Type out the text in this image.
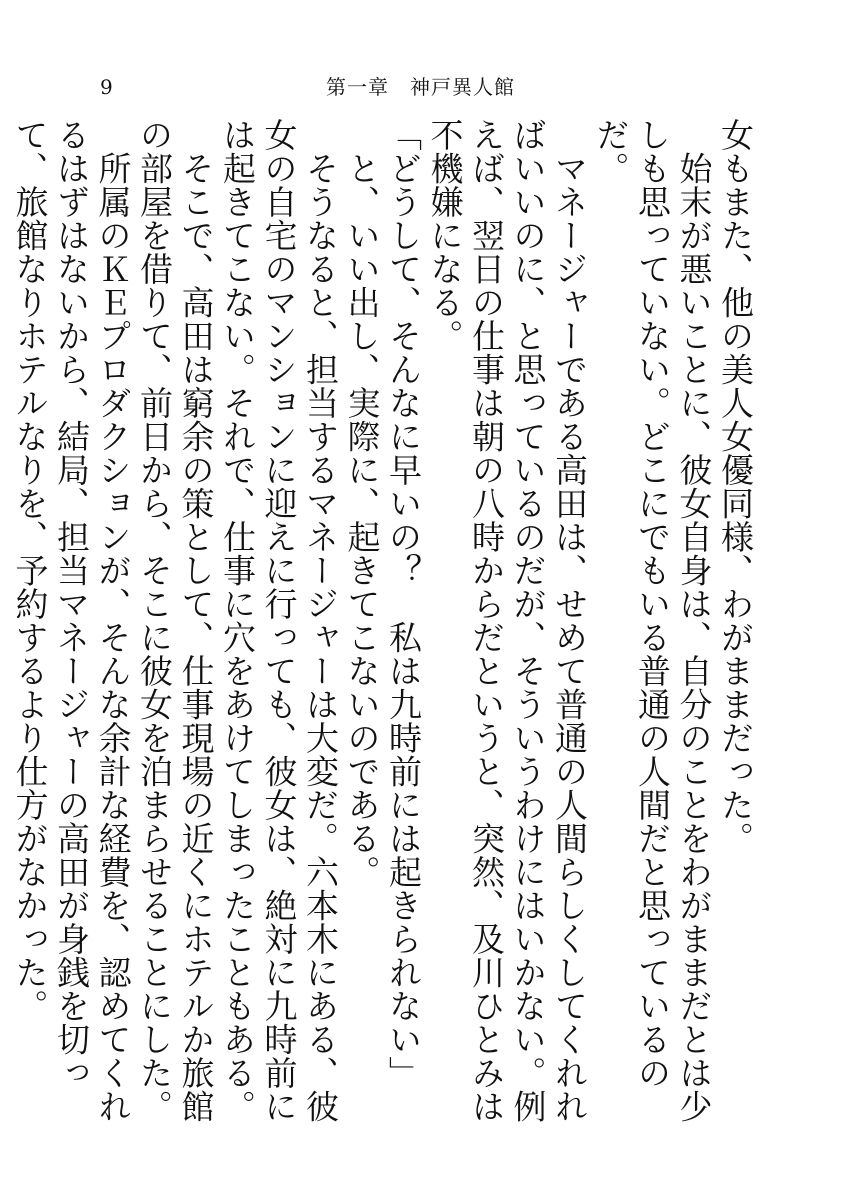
9	第一章　神戸異人館
女もまた、他の美人女優同様、わがままだった。
　始末が悪いことに、彼女自身は、自分のことをわがままだとは少しも思っていない。どこにでもいる普通の人間だと思っているのだ。
　マネージャーである高田は、せめて普通の人間らしくしてくれればいいのに、と思っているのだが、そういうわけにはいかない。例えば、翌日の仕事は朝の八時からだというと、突然、及川ひとみは不機嫌になる。
「どうして、そんなに早いの？　私は九時前には起きられない」
　と、いい出し、実際に、起きてこないのである。
　そうなると、担当するマネージャーは大変だ。六本木にある、彼女の自宅のマンションに迎えに行っても、彼女は、絶対に九時前には起きてこない。それで、仕事に穴をあけてしまったこともある。
　そこで、高田は窮余の策として、仕事現場の近くにホテルか旅館の部屋を借りて、前日から、そこに彼女を泊まらせることにした。
　所属のＫＥプロダクションが、そんな余計な経費を、認めてくれるはずはないから、結局、担当マネージャーの高田が身銭を切って、旅館なりホテルなりを、予約するより仕方がなかった。
